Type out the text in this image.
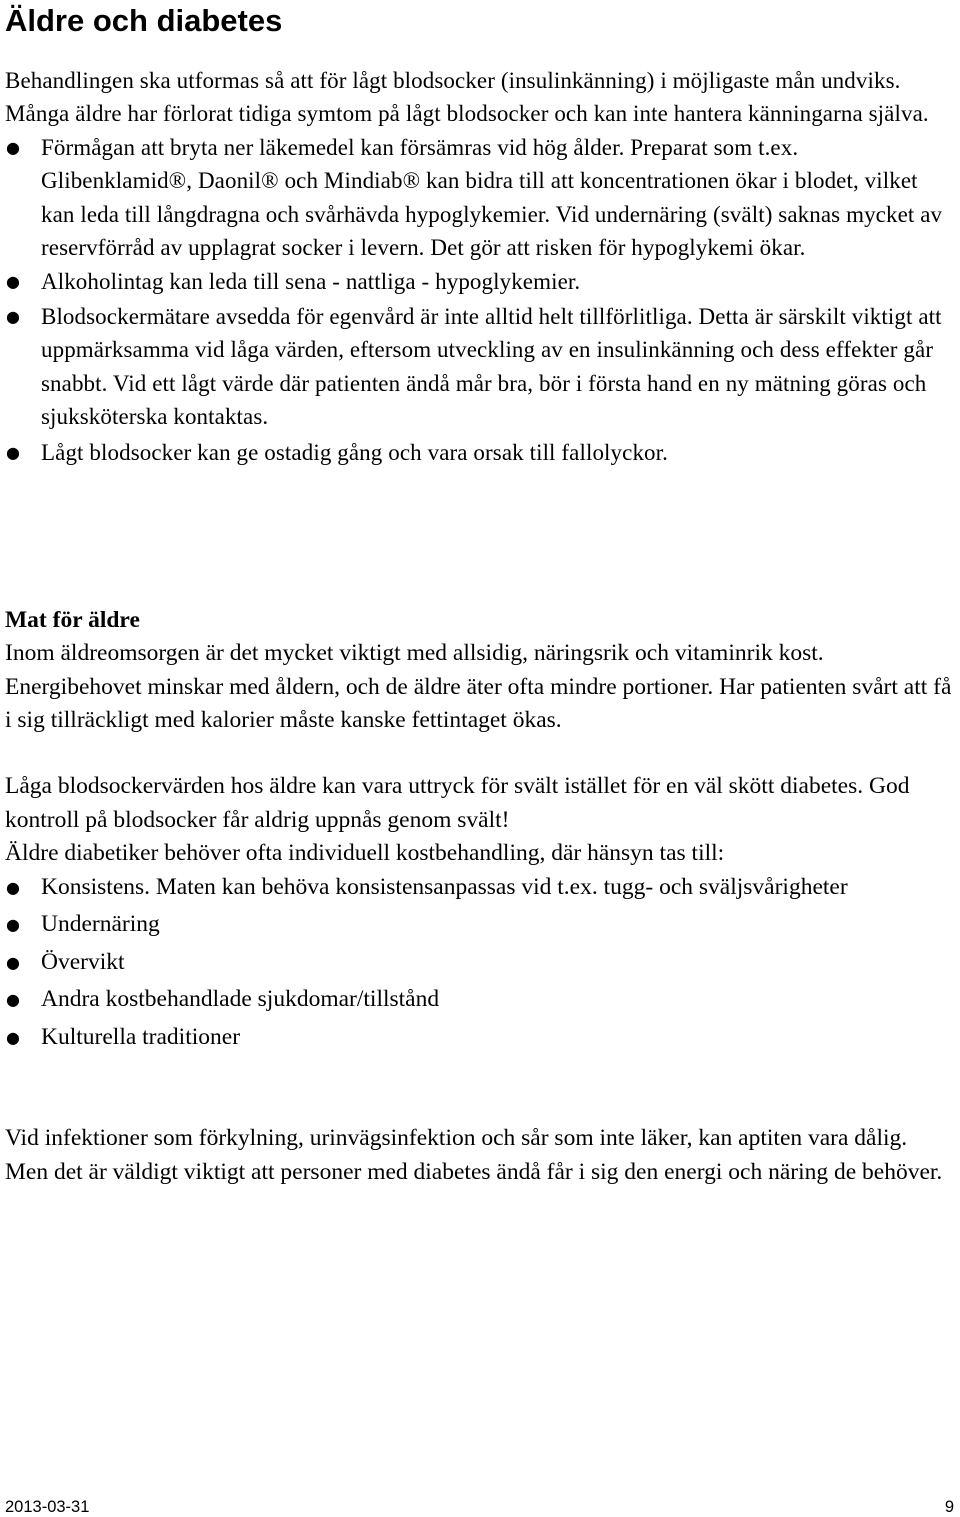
Äldre och diabetes

Behandlingen ska utformas så att för lågt blodsocker (insulinkänning) i möjligaste mån undviks. Många äldre har förlorat tidiga symtom på lågt blodsocker och kan inte hantera känningarna själva.

● Förmågan att bryta ner läkemedel kan försämras vid hög ålder. Preparat som t.ex. Glibenklamid®, Daonil® och Mindiab® kan bidra till att koncentrationen ökar i blodet, vilket kan leda till långdragna och svårhävda hypoglykemier. Vid undernäring (svält) saknas mycket av reservförråd av upplagrat socker i levern. Det gör att risken för hypoglykemi ökar.
● Alkoholintag kan leda till sena - nattliga - hypoglykemier.
● Blodsockermätare avsedda för egenvård är inte alltid helt tillförlitliga. Detta är särskilt viktigt att uppmärksamma vid låga värden, eftersom utveckling av en insulinkänning och dess effekter går snabbt. Vid ett lågt värde där patienten ändå mår bra, bör i första hand en ny mätning göras och sjuksköterska kontaktas.
● Lågt blodsocker kan ge ostadig gång och vara orsak till fallolyckor.
Mat för äldre

Inom äldreomsorgen är det mycket viktigt med allsidig, näringsrik och vitaminrik kost. Energibehovet minskar med åldern, och de äldre äter ofta mindre portioner. Har patienten svårt att få i sig tillräckligt med kalorier måste kanske fettintaget ökas.

Låga blodsockervärden hos äldre kan vara uttryck för svält istället för en väl skött diabetes. God kontroll på blodsocker får aldrig uppnås genom svält!

Äldre diabetiker behöver ofta individuell kostbehandling, där hänsyn tas till:

● Konsistens. Maten kan behöva konsistensanpassas vid t.ex. tugg- och sväljsvårigheter
● Undernäring
● Övervikt
● Andra kostbehandlade sjukdomar/tillstånd
● Kulturella traditioner

Vid infektioner som förkylning, urinvägsinfektion och sår som inte läker, kan aptiten vara dålig. Men det är väldigt viktigt att personer med diabetes ändå får i sig den energi och näring de behöver.

2013-03-31	9
